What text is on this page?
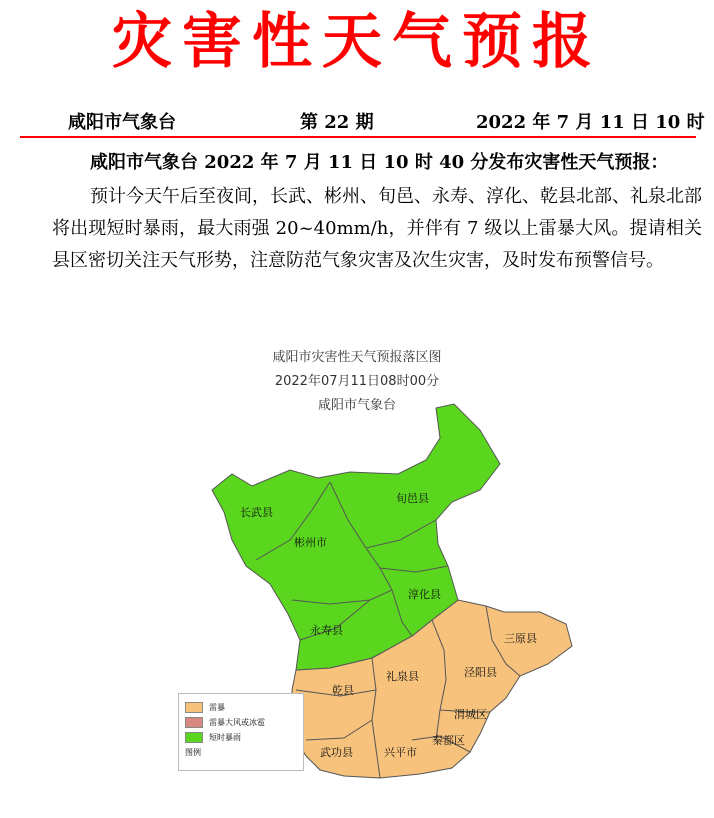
灾害性天气预报
咸阳市气象台	第 22 期	2022 年 7 月 11 日 10 时
咸阳市气象台 2022 年 7 月 11 日 10 时 40 分发布灾害性天气预报：
预计今天午后至夜间，长武、彬州、旬邑、永寿、淳化、乾县北部、礼泉北部将出现短时暴雨，最大雨强 20~40mm/h，并伴有 7 级以上雷暴大风。提请相关县区密切关注天气形势，注意防范气象灾害及次生灾害，及时发布预警信号。
咸阳市灾害性天气预报落区图
2022年07月11日08时00分
咸阳市气象台
长武县
彬州市
旬邑县
淳化县
永寿县
三原县
礼泉县	泾阳县
乾县
渭城区
秦都区
武功县	兴平市
雷暴
雷暴大风或冰雹
短时暴雨
图例
